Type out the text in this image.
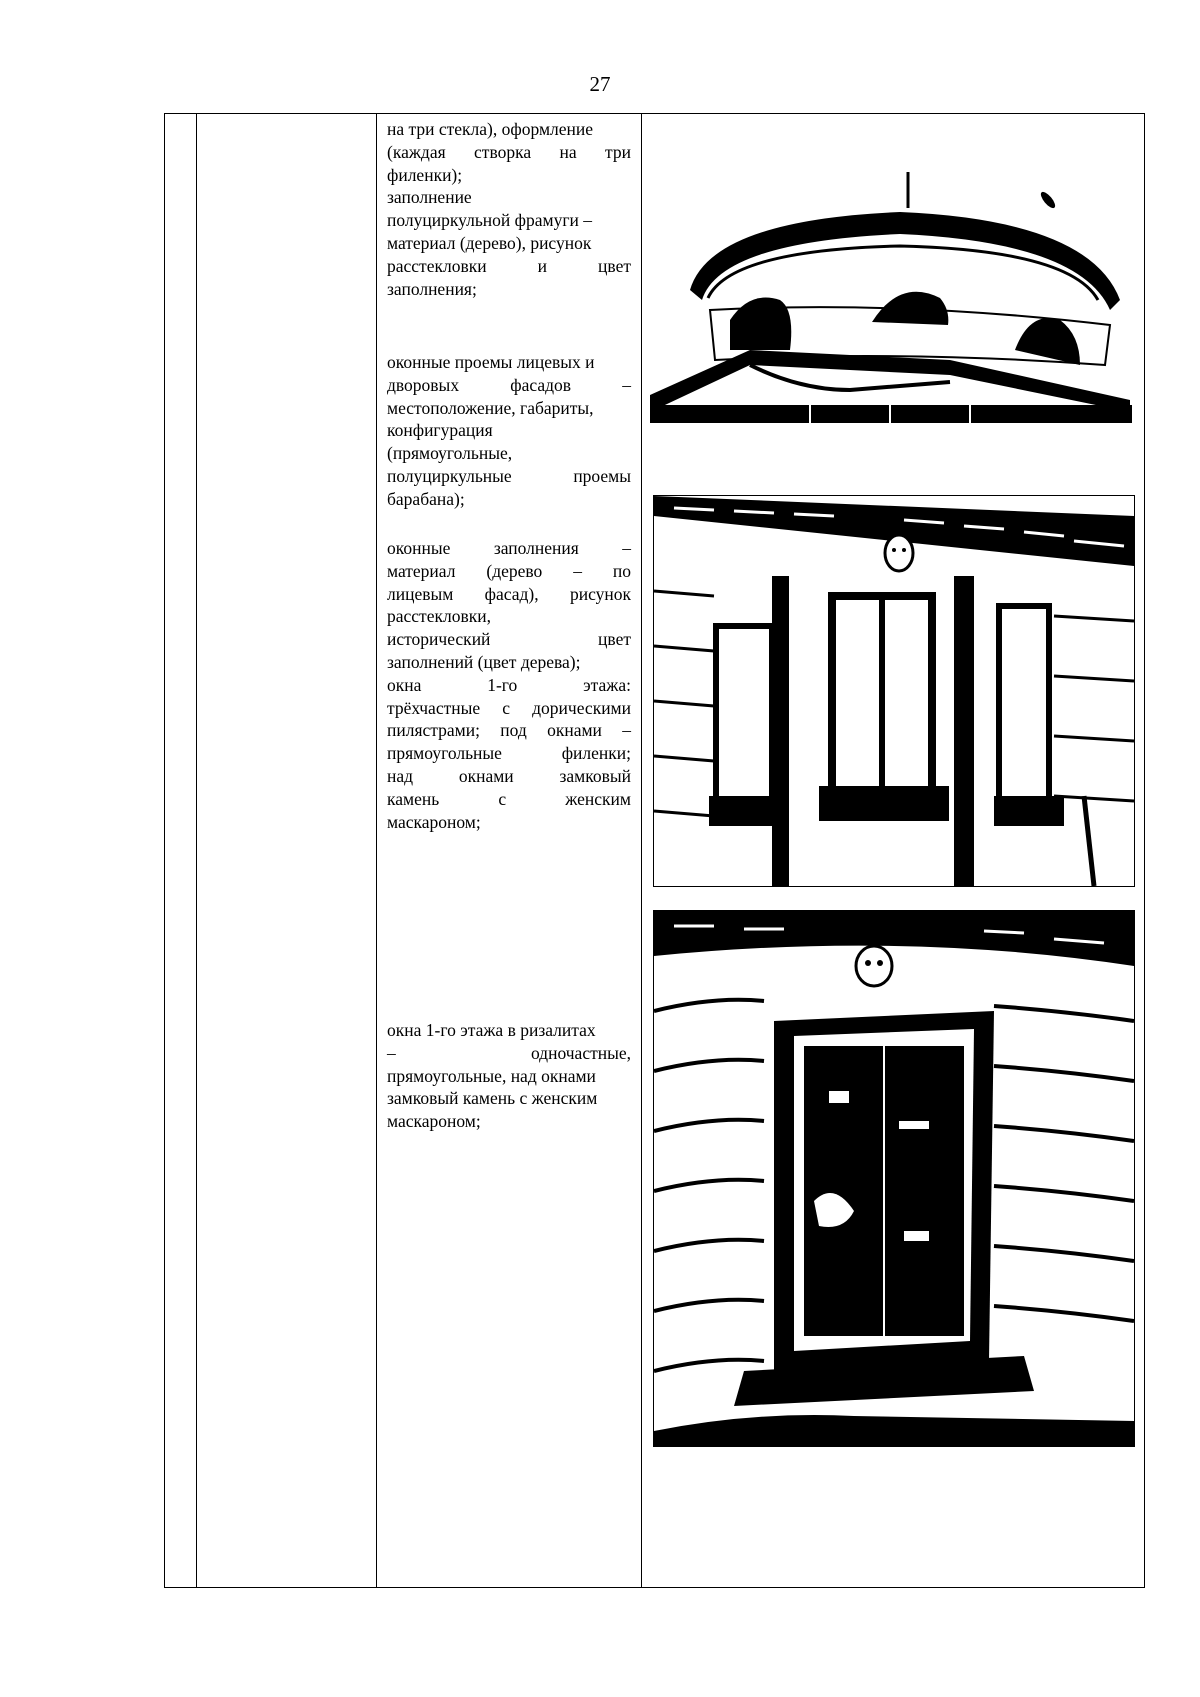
27

на три стекла), оформление

(каждая створка на три

филенки);

заполнение

полуциркульной фрамуги –

материал (дерево), рисунок

расстекловки и цвет

заполнения;

оконные проемы лицевых и

дворовых фасадов –

местоположение, габариты,

конфигурация

(прямоугольные,

полуциркульные проемы

барабана);

оконные заполнения –

материал (дерево – по

лицевым фасад), рисунок

расстекловки,

исторический цвет

заполнений (цвет дерева);

окна 1-го этажа:

трёхчастные с дорическими

пилястрами; под окнами –

прямоугольные филенки;

над окнами замковый

камень с женским

маскароном;

окна 1-го этажа в ризалитах

– одночастные,

прямоугольные, над окнами

замковый камень с женским

маскароном;
